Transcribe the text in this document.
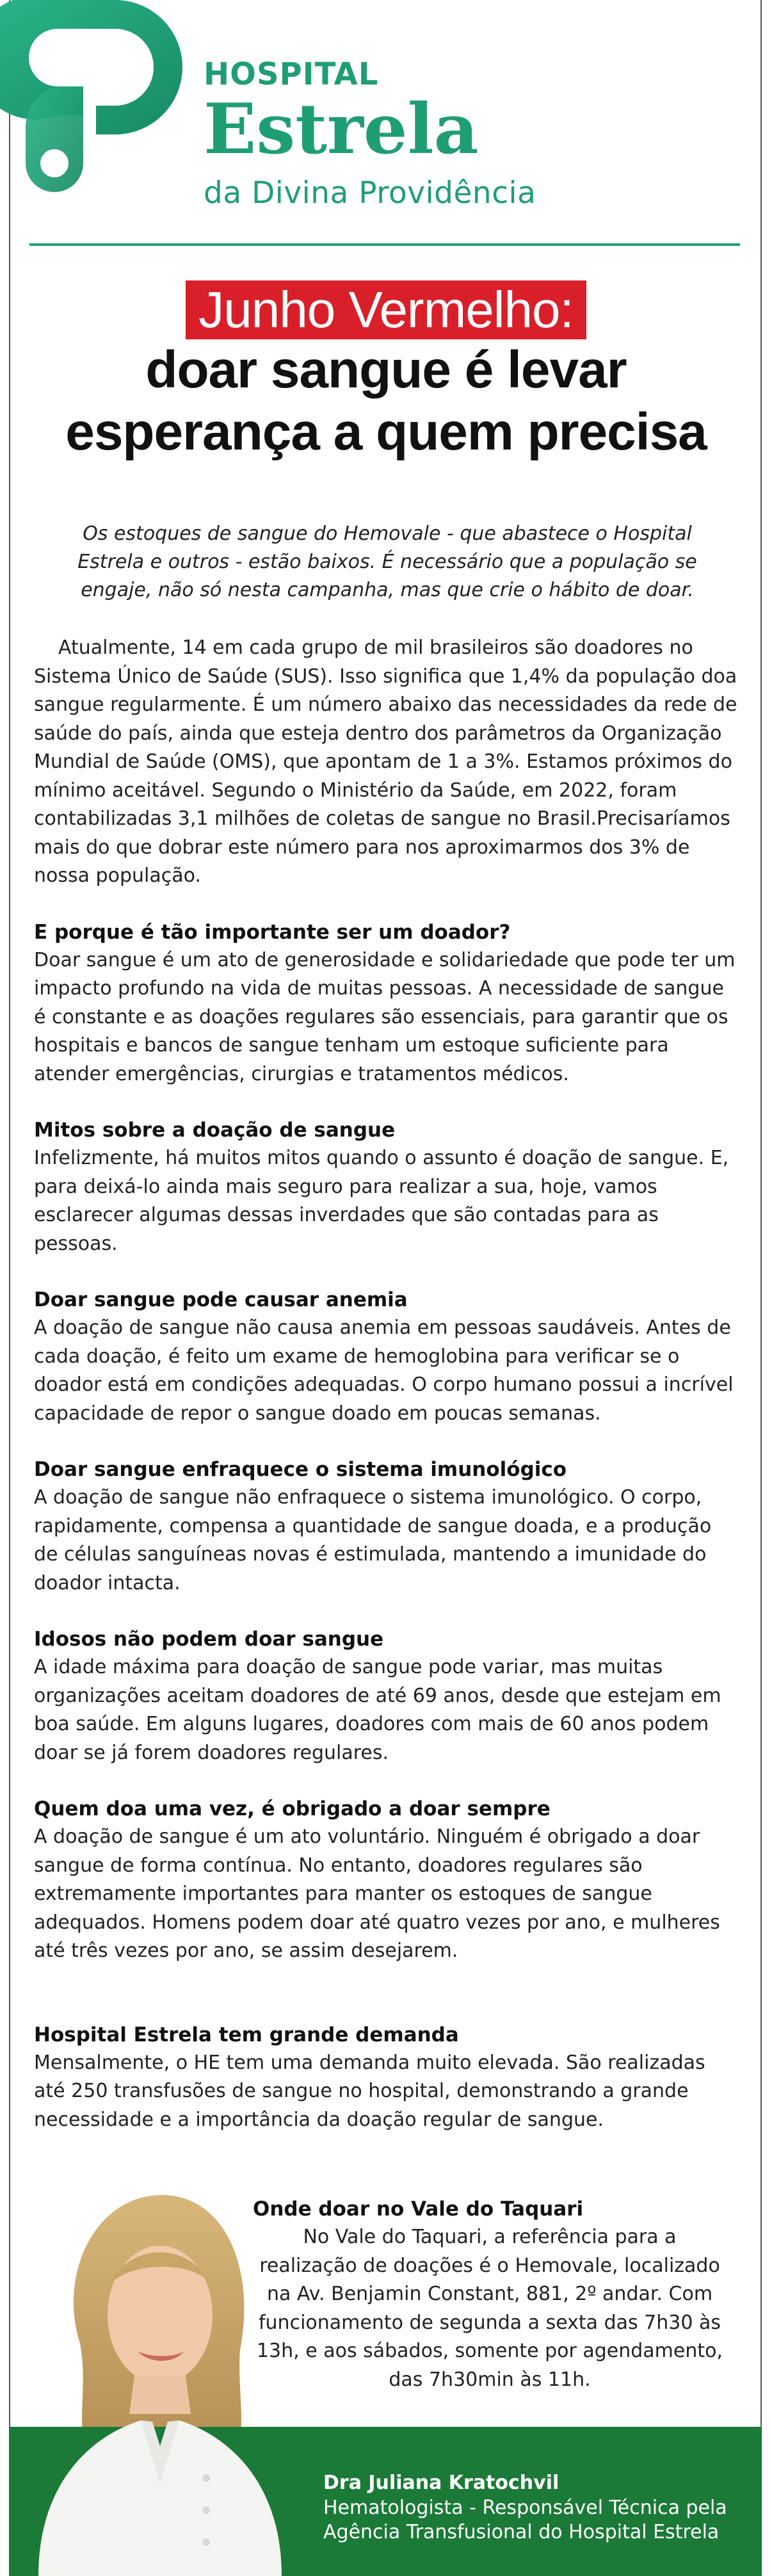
HOSPITAL
Estrela
da Divina Providência
Junho Vermelho:
doar sangue é levar
esperança a quem precisa
Os estoques de sangue do Hemovale - que abastece o Hospital Estrela e outros - estão baixos. É necessário que a população se engaje, não só nesta campanha, mas que crie o hábito de doar.

Atualmente, 14 em cada grupo de mil brasileiros são doadores no Sistema Único de Saúde (SUS). Isso significa que 1,4% da população doa sangue regularmente. É um número abaixo das necessidades da rede de saúde do país, ainda que esteja dentro dos parâmetros da Organização Mundial de Saúde (OMS), que apontam de 1 a 3%. Estamos próximos do mínimo aceitável. Segundo o Ministério da Saúde, em 2022, foram contabilizadas 3,1 milhões de coletas de sangue no Brasil.Precisaríamos mais do que dobrar este número para nos aproximarmos dos 3% de nossa população.

E porque é tão importante ser um doador?

Doar sangue é um ato de generosidade e solidariedade que pode ter um impacto profundo na vida de muitas pessoas. A necessidade de sangue é constante e as doações regulares são essenciais, para garantir que os hospitais e bancos de sangue tenham um estoque suficiente para atender emergências, cirurgias e tratamentos médicos.

Mitos sobre a doação de sangue

Infelizmente, há muitos mitos quando o assunto é doação de sangue. E, para deixá-lo ainda mais seguro para realizar a sua, hoje, vamos esclarecer algumas dessas inverdades que são contadas para as pessoas.

Doar sangue pode causar anemia

A doação de sangue não causa anemia em pessoas saudáveis. Antes de cada doação, é feito um exame de hemoglobina para verificar se o doador está em condições adequadas. O corpo humano possui a incrível capacidade de repor o sangue doado em poucas semanas.

Doar sangue enfraquece o sistema imunológico

A doação de sangue não enfraquece o sistema imunológico. O corpo, rapidamente, compensa a quantidade de sangue doada, e a produção de células sanguíneas novas é estimulada, mantendo a imunidade do doador intacta.

Idosos não podem doar sangue

A idade máxima para doação de sangue pode variar, mas muitas organizações aceitam doadores de até 69 anos, desde que estejam em boa saúde. Em alguns lugares, doadores com mais de 60 anos podem doar se já forem doadores regulares.

Quem doa uma vez, é obrigado a doar sempre

A doação de sangue é um ato voluntário. Ninguém é obrigado a doar sangue de forma contínua. No entanto, doadores regulares são extremamente importantes para manter os estoques de sangue adequados. Homens podem doar até quatro vezes por ano, e mulheres até três vezes por ano, se assim desejarem.

Hospital Estrela tem grande demanda

Mensalmente, o HE tem uma demanda muito elevada. São realizadas até 250 transfusões de sangue no hospital, demonstrando a grande necessidade e a importância da doação regular de sangue.

Onde doar no Vale do Taquari

No Vale do Taquari, a referência para a realização de doações é o Hemovale, localizado na Av. Benjamin Constant, 881, 2º andar. Com funcionamento de segunda a sexta das 7h30 às 13h, e aos sábados, somente por agendamento, das 7h30min às 11h.

Dra Juliana Kratochvil
Hematologista - Responsável Técnica pela
Agência Transfusional do Hospital Estrela
